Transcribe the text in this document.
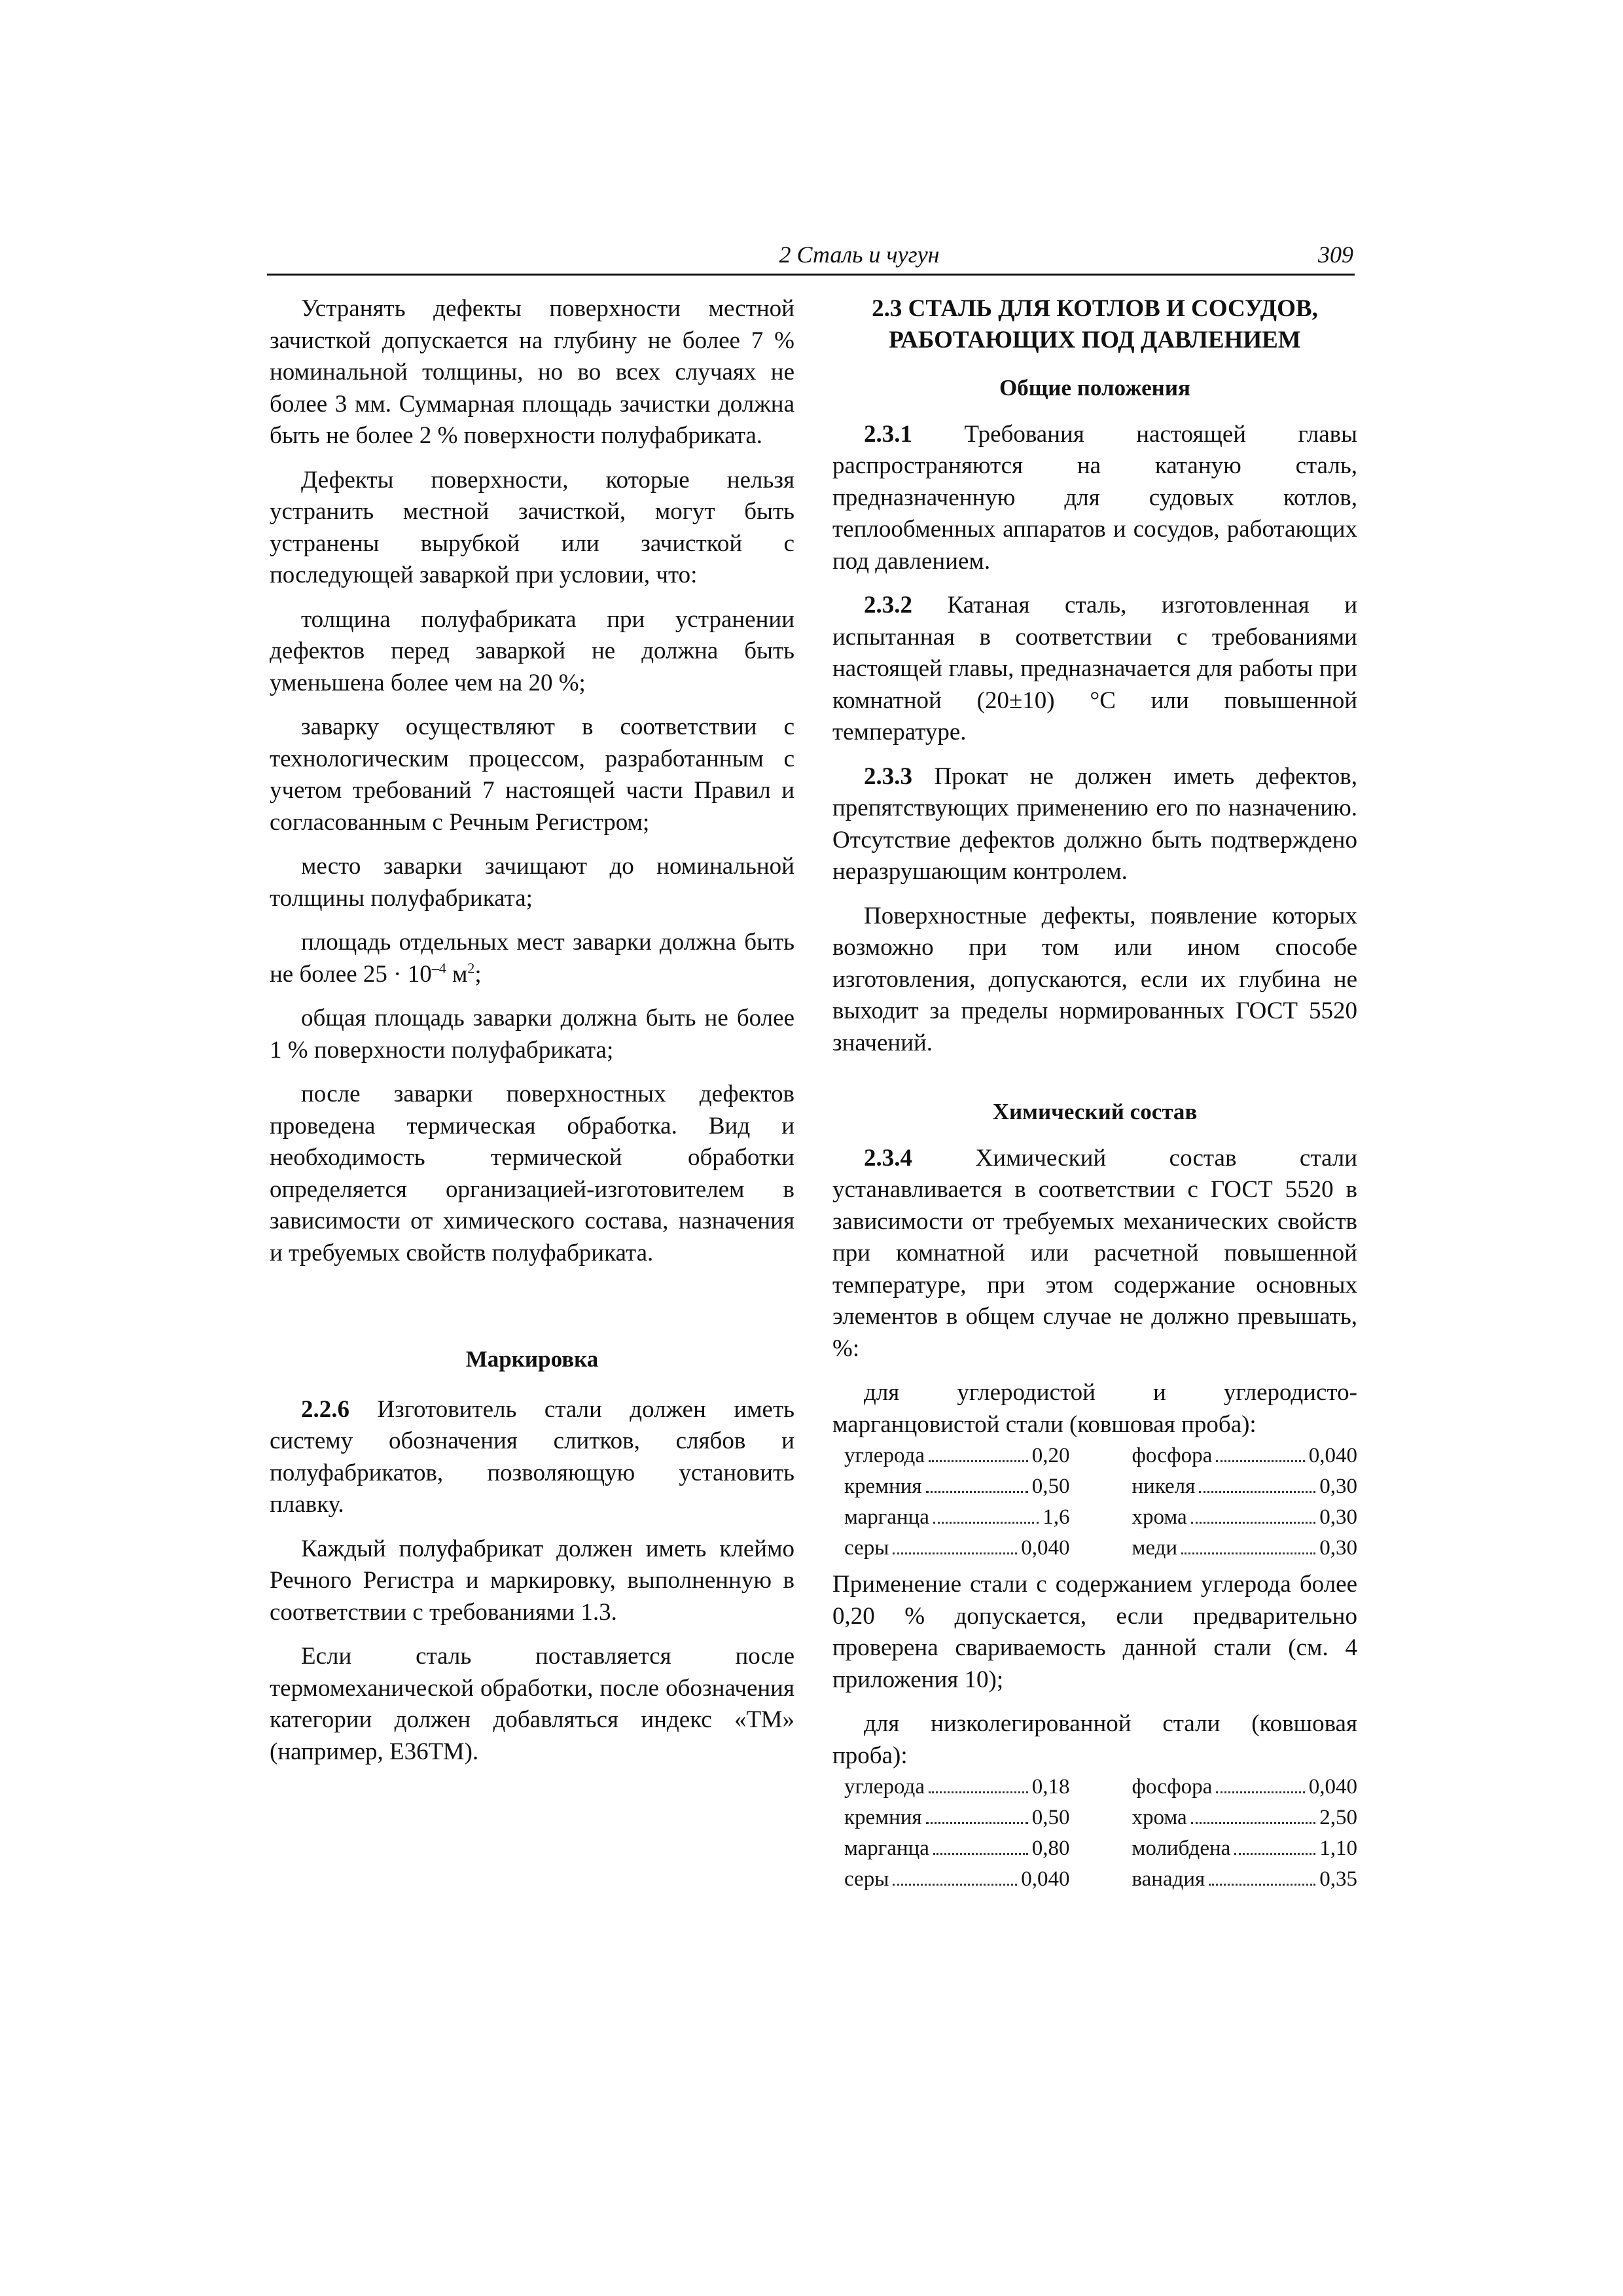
2 Сталь и чугун	309

Устранять дефекты поверхности местной зачисткой допускается на глубину не более 7 % номинальной толщины, но во всех случаях не более 3 мм. Суммарная площадь зачистки должна быть не более 2 % поверхности полуфабриката.

Дефекты поверхности, которые нельзя устранить местной зачисткой, могут быть устранены вырубкой или зачисткой с последующей заваркой при условии, что:

толщина полуфабриката при устранении дефектов перед заваркой не должна быть уменьшена более чем на 20 %;

заварку осуществляют в соответствии с технологическим процессом, разработанным с учетом требований 7 настоящей части Правил и согласованным с Речным Регистром;

место заварки зачищают до номинальной толщины полуфабриката;

площадь отдельных мест заварки должна быть не более $25 \cdot 10^{-4}$ $м^2$;

общая площадь заварки должна быть не более 1 % поверхности полуфабриката;

после заварки поверхностных дефектов проведена термическая обработка. Вид и необходимость термической обработки определяется организацией-изготовителем в зависимости от химического состава, назначения и требуемых свойств полуфабриката.

Маркировка

2.2.6 Изготовитель стали должен иметь систему обозначения слитков, слябов и полуфабрикатов, позволяющую установить плавку.

Каждый полуфабрикат должен иметь клеймо Речного Регистра и маркировку, выполненную в соответствии с требованиями 1.3.

Если сталь поставляется после термомеханической обработки, после обозначения категории должен добавляться индекс «ТМ» (например, Е36ТМ).

2.3 СТАЛЬ ДЛЯ КОТЛОВ И СОСУДОВ,
РАБОТАЮЩИХ ПОД ДАВЛЕНИЕМ
Общие положения

2.3.1 Требования настоящей главы распространяются на катаную сталь, предназначенную для судовых котлов, теплообменных аппаратов и сосудов, работающих под давлением.

2.3.2 Катаная сталь, изготовленная и испытанная в соответствии с требованиями настоящей главы, предназначается для работы при комнатной (20±10) °С или повышенной температуре.

2.3.3 Прокат не должен иметь дефектов, препятствующих применению его по назначению. Отсутствие дефектов должно быть подтверждено неразрушающим контролем.

Поверхностные дефекты, появление которых возможно при том или ином способе изготовления, допускаются, если их глубина не выходит за пределы нормированных ГОСТ 5520 значений.

Химический состав

2.3.4 Химический состав стали устанавливается в соответствии с ГОСТ 5520 в зависимости от требуемых механических свойств при комнатной или расчетной повышенной температуре, при этом содержание основных элементов в общем случае не должно превышать, %:

для углеродистой и углеродисто-марганцовистой стали (ковшовая проба):

углерода	0,20	фосфора	0,040
кремния	0,50	никеля	0,30
марганца	1,6	хрома	0,30
серы	0,040	меди	0,30

Применение стали с содержанием углерода более 0,20 % допускается, если предварительно проверена свариваемость данной стали (см. 4 приложения 10);

для низколегированной стали (ковшовая проба):

углерода	0,18	фосфора	0,040
кремния	0,50	хрома	2,50
марганца	0,80	молибдена	1,10
серы	0,040	ванадия	0,35
